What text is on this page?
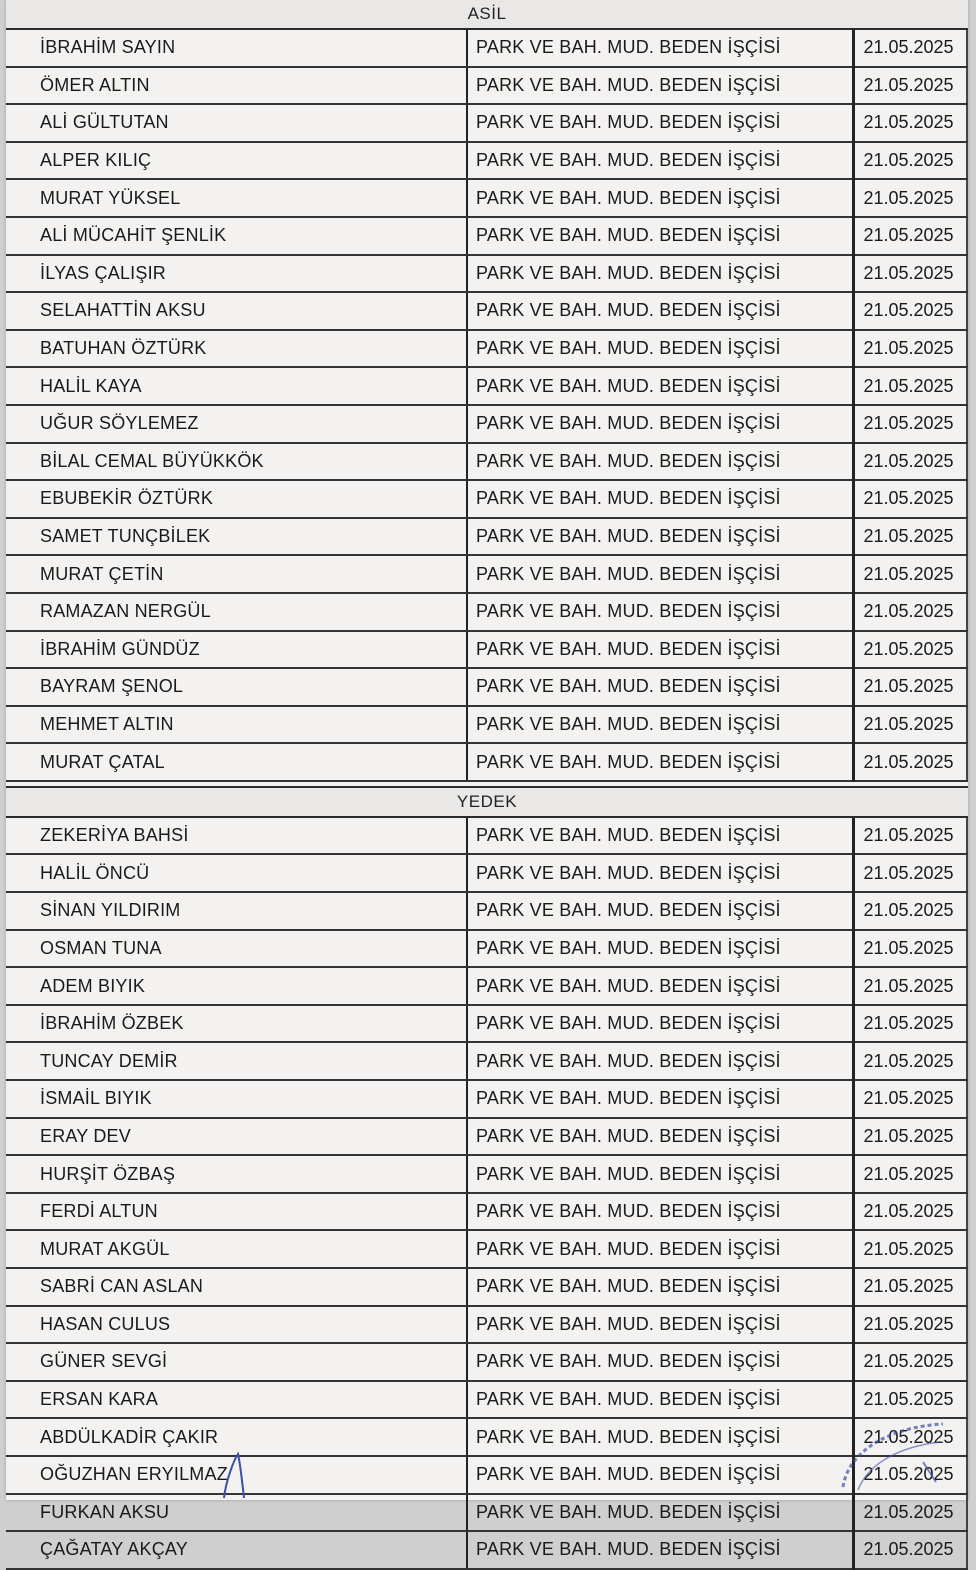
ASİL
İBRAHİM SAYIN	PARK VE BAH. MUD. BEDEN İŞÇİSİ	21.05.2025
ÖMER ALTIN	PARK VE BAH. MUD. BEDEN İŞÇİSİ	21.05.2025
ALİ GÜLTUTAN	PARK VE BAH. MUD. BEDEN İŞÇİSİ	21.05.2025
ALPER KILIÇ	PARK VE BAH. MUD. BEDEN İŞÇİSİ	21.05.2025
MURAT YÜKSEL	PARK VE BAH. MUD. BEDEN İŞÇİSİ	21.05.2025
ALİ MÜCAHİT ŞENLİK	PARK VE BAH. MUD. BEDEN İŞÇİSİ	21.05.2025
İLYAS ÇALIŞIR	PARK VE BAH. MUD. BEDEN İŞÇİSİ	21.05.2025
SELAHATTİN AKSU	PARK VE BAH. MUD. BEDEN İŞÇİSİ	21.05.2025
BATUHAN ÖZTÜRK	PARK VE BAH. MUD. BEDEN İŞÇİSİ	21.05.2025
HALİL KAYA	PARK VE BAH. MUD. BEDEN İŞÇİSİ	21.05.2025
UĞUR SÖYLEMEZ	PARK VE BAH. MUD. BEDEN İŞÇİSİ	21.05.2025
BİLAL CEMAL BÜYÜKKÖK	PARK VE BAH. MUD. BEDEN İŞÇİSİ	21.05.2025
EBUBEKİR ÖZTÜRK	PARK VE BAH. MUD. BEDEN İŞÇİSİ	21.05.2025
SAMET TUNÇBİLEK	PARK VE BAH. MUD. BEDEN İŞÇİSİ	21.05.2025
MURAT ÇETİN	PARK VE BAH. MUD. BEDEN İŞÇİSİ	21.05.2025
RAMAZAN NERGÜL	PARK VE BAH. MUD. BEDEN İŞÇİSİ	21.05.2025
İBRAHİM GÜNDÜZ	PARK VE BAH. MUD. BEDEN İŞÇİSİ	21.05.2025
BAYRAM ŞENOL	PARK VE BAH. MUD. BEDEN İŞÇİSİ	21.05.2025
MEHMET ALTIN	PARK VE BAH. MUD. BEDEN İŞÇİSİ	21.05.2025
MURAT ÇATAL	PARK VE BAH. MUD. BEDEN İŞÇİSİ	21.05.2025
YEDEK
ZEKERİYA BAHSİ	PARK VE BAH. MUD. BEDEN İŞÇİSİ	21.05.2025
HALİL ÖNCÜ	PARK VE BAH. MUD. BEDEN İŞÇİSİ	21.05.2025
SİNAN YILDIRIM	PARK VE BAH. MUD. BEDEN İŞÇİSİ	21.05.2025
OSMAN TUNA	PARK VE BAH. MUD. BEDEN İŞÇİSİ	21.05.2025
ADEM BIYIK	PARK VE BAH. MUD. BEDEN İŞÇİSİ	21.05.2025
İBRAHİM ÖZBEK	PARK VE BAH. MUD. BEDEN İŞÇİSİ	21.05.2025
TUNCAY DEMİR	PARK VE BAH. MUD. BEDEN İŞÇİSİ	21.05.2025
İSMAİL BIYIK	PARK VE BAH. MUD. BEDEN İŞÇİSİ	21.05.2025
ERAY DEV	PARK VE BAH. MUD. BEDEN İŞÇİSİ	21.05.2025
HURŞİT ÖZBAŞ	PARK VE BAH. MUD. BEDEN İŞÇİSİ	21.05.2025
FERDİ ALTUN	PARK VE BAH. MUD. BEDEN İŞÇİSİ	21.05.2025
MURAT AKGÜL	PARK VE BAH. MUD. BEDEN İŞÇİSİ	21.05.2025
SABRİ CAN ASLAN	PARK VE BAH. MUD. BEDEN İŞÇİSİ	21.05.2025
HASAN CULUS	PARK VE BAH. MUD. BEDEN İŞÇİSİ	21.05.2025
GÜNER SEVGİ	PARK VE BAH. MUD. BEDEN İŞÇİSİ	21.05.2025
ERSAN KARA	PARK VE BAH. MUD. BEDEN İŞÇİSİ	21.05.2025
ABDÜLKADİR ÇAKIR	PARK VE BAH. MUD. BEDEN İŞÇİSİ	21.05.2025
OĞUZHAN ERYILMAZ	PARK VE BAH. MUD. BEDEN İŞÇİSİ	21.05.2025
FURKAN AKSU	PARK VE BAH. MUD. BEDEN İŞÇİSİ	21.05.2025
ÇAĞATAY AKÇAY	PARK VE BAH. MUD. BEDEN İŞÇİSİ	21.05.2025
